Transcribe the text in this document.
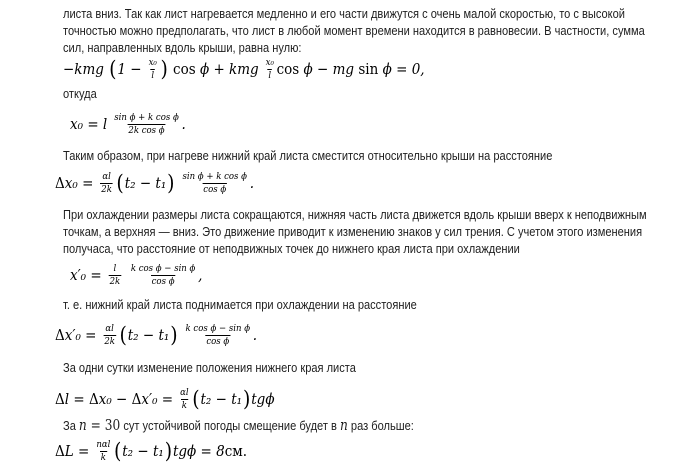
листа вниз. Так как лист нагревается медленно и его части движутся с очень малой скоростью, то с высокой
точностью можно предполагать, что лист в любой момент времени находится в равновесии. В частности, сумма
сил, направленных вдоль крыши, равна нулю:
−kmg ( $1 - \frac{\text{x₀}}{l}$ ) cos ϕ + kmg $\frac{\text{x₀}}{l}$ cos ϕ − mg sin ϕ = 0,
откуда
x₀ = l $\frac{\text{sin ϕ + k cos ϕ}}{\text{2k cos ϕ}}$ .
Таким образом, при нагреве нижний край листа сместится относительно крыши на расстояние
Δ $x_0 = \frac{\alpha l}{2k}$ ( t₂ − t₁ )
$\frac{\text{sin ϕ + k cos ϕ}}{\text{cos ϕ}}$ .
При охлаждении размеры листа сокращаются, нижняя часть листа движется вдоль крыши вверх к неподвижным
точкам, а верхняя — вниз. Это движение приводит к изменению знаков у сил трения. С учетом этого изменения
получаса, что расстояние от неподвижных точек до нижнего края листа при охлаждении
$x'_0 = \frac{l}{2k}$
$\frac{\text{k cos ϕ − sin ϕ}}{\text{cos ϕ}}$ ,
т. е. нижний край листа поднимается при охлаждении на расстояние
Δ $x'_0 = \frac{\alpha l}{2k}$ ( t₂ − t₁ )
$\frac{\text{k cos ϕ − sin ϕ}}{\text{cos ϕ}}$ .
За одни сутки изменение положения нижнего края листа
Δ l = Δ x₀ − Δ $x'_0 = \frac{\alpha l}{k}$ ( t₂ − t₁ ) tgϕ
За n = 30 сут устойчивой погоды смещение будет в n раз больше:
Δ $L = \frac{\text{nαl}}{k}$ ( t₂ − t₁ ) tgϕ = 8 см.
